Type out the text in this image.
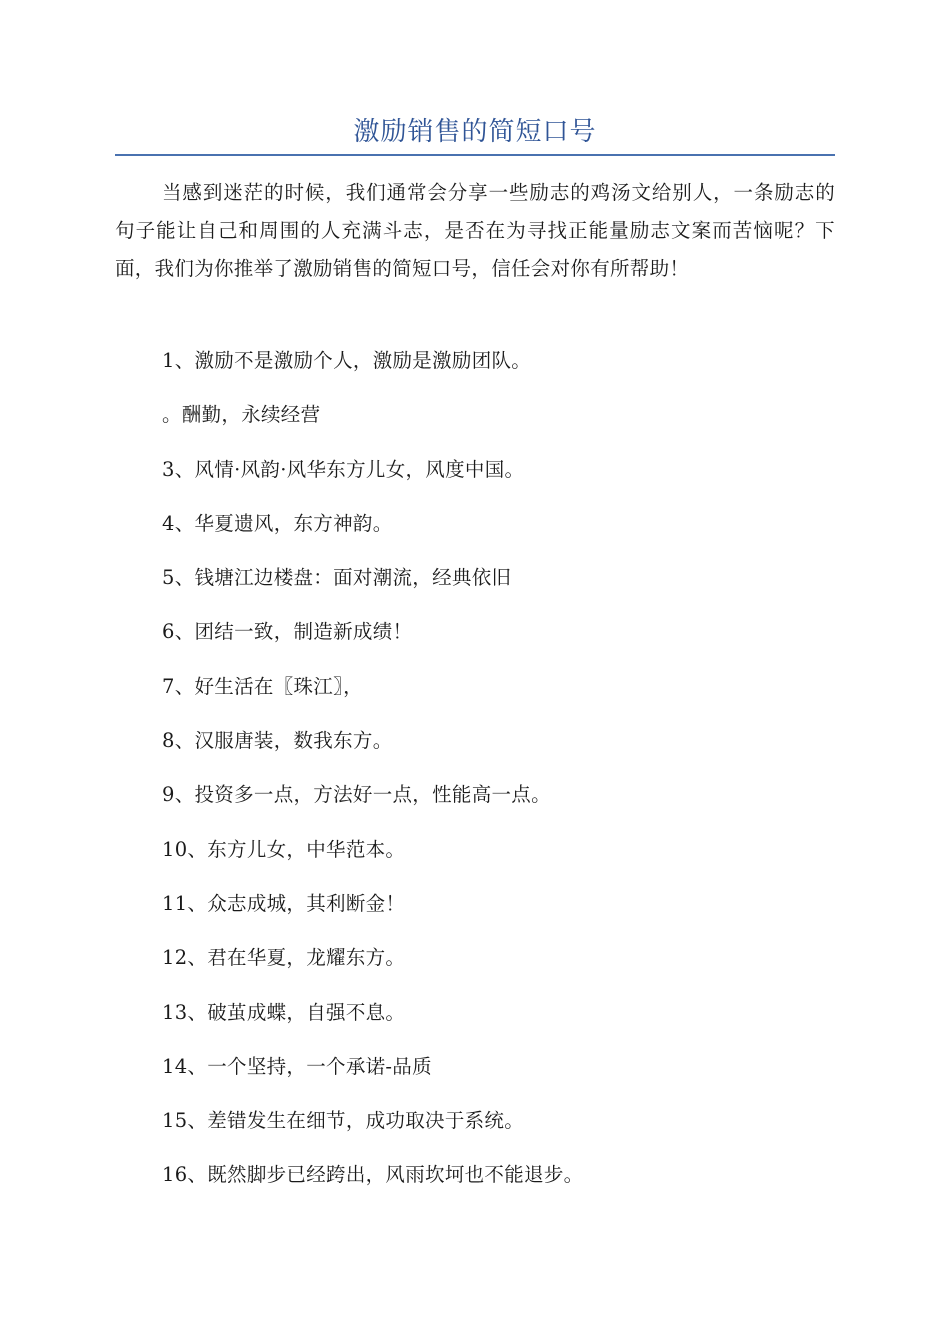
激励销售的简短口号

当感到迷茫的时候，我们通常会分享一些励志的鸡汤文给别人，一条励志的句子能让自己和周围的人充满斗志，是否在为寻找正能量励志文案而苦恼呢？下面，我们为你推举了激励销售的简短口号，信任会对你有所帮助！

1、激励不是激励个人，激励是激励团队。
。酬勤，永续经营
3、风情·风韵·风华东方儿女，风度中国。
4、华夏遗风，东方神韵。
5、钱塘江边楼盘：面对潮流，经典依旧
6、团结一致，制造新成绩！
7、好生活在〖珠江〗，
8、汉服唐装，数我东方。
9、投资多一点，方法好一点，性能高一点。
10、东方儿女，中华范本。
11、众志成城，其利断金！
12、君在华夏，龙耀东方。
13、破茧成蝶，自强不息。
14、一个坚持，一个承诺-品质
15、差错发生在细节，成功取决于系统。
16、既然脚步已经跨出，风雨坎坷也不能退步。
